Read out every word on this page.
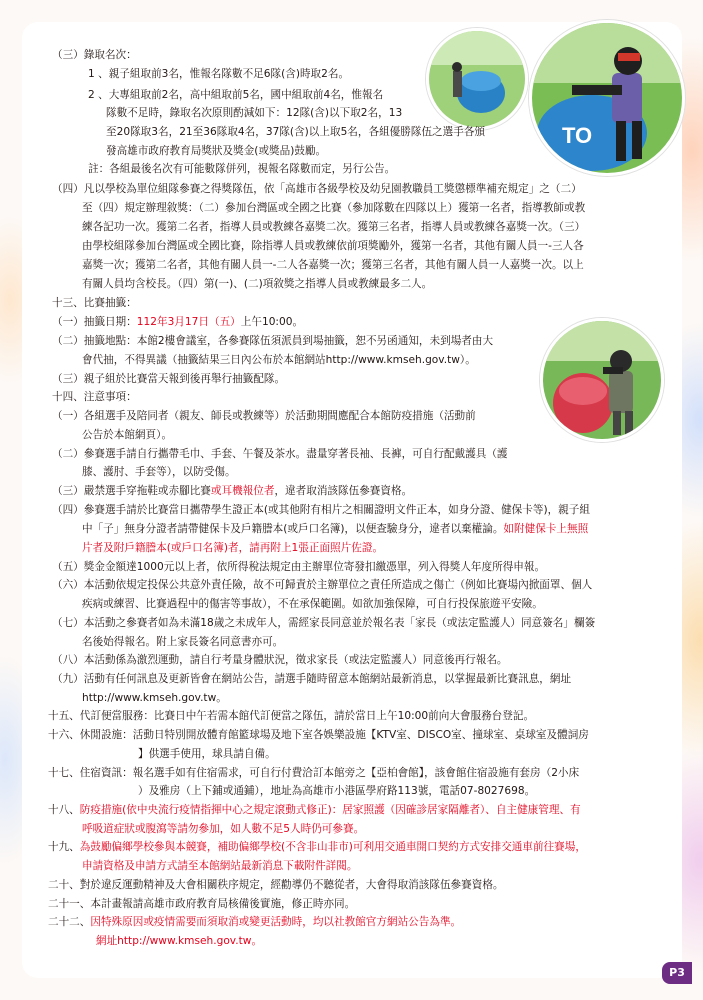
TO
（三）錄取名次：
1 、親子組取前3名，惟報名隊數不足6隊(含)時取2名。
2 、大專組取前2名，高中組取前5名，國中組取前4名，惟報名
隊數不足時，錄取名次原則酌減如下：12隊(含)以下取2名，13
至20隊取3名，21至36隊取4名，37隊(含)以上取5名，各組優勝隊伍之選手各頒
發高雄市政府教育局獎狀及獎金(或獎品)鼓勵。
註：各組最後名次有可能數隊併列，視報名隊數而定，另行公告。
（四）凡以學校為單位組隊參賽之得獎隊伍，依「高雄市各級學校及幼兒園教職員工獎懲標準補充規定」之（二）
至（四）規定辦理敘獎：（二）參加台灣區或全國之比賽（參加隊數在四隊以上）獲第一名者，指導教師或教
練各記功一次。獲第二名者，指導人員或教練各嘉獎二次。獲第三名者，指導人員或教練各嘉獎一次。（三）
由學校組隊參加台灣區或全國比賽，除指導人員或教練依前項獎勵外，獲第一名者，其他有關人員一-三人各
嘉獎一次；獲第二名者，其他有關人員一-二人各嘉獎一次；獲第三名者，其他有關人員一人嘉獎一次。以上
有關人員均含校長。（四）第(一)、(二)項敘獎之指導人員或教練最多二人。
十三、比賽抽籤：
（一）抽籤日期：112年3月17日（五）上午10:00。
（二）抽籤地點：本館2樓會議室，各參賽隊伍須派員到場抽籤，恕不另函通知，未到場者由大
會代抽，不得異議（抽籤結果三日內公布於本館網站http://www.kmseh.gov.tw）。
（三）親子組於比賽當天報到後再舉行抽籤配隊。
十四、注意事項：
（一）各組選手及陪同者（親友、師長或教練等）於活動期間應配合本館防疫措施（活動前
公告於本館網頁）。
（二）參賽選手請自行攜帶毛巾、手套、午餐及茶水。盡量穿著長袖、長褲，可自行配戴護具（護
膝、護肘、手套等），以防受傷。
（三）嚴禁選手穿拖鞋或赤腳比賽或耳機報位者，違者取消該隊伍參賽資格。
（四）參賽選手請於比賽當日攜帶學生證正本(或其他附有相片之相關證明文件正本，如身分證、健保卡等)，親子組
中「子」無身分證者請帶健保卡及戶籍謄本(或戶口名簿)，以便查驗身分，違者以棄權論。如附健保卡上無照
片者及附戶籍謄本(或戶口名簿)者，請再附上1張正面照片佐證。
（五）獎金金額達1000元以上者，依所得稅法規定由主辦單位寄發扣繳憑單，列入得獎人年度所得申報。
（六）本活動依規定投保公共意外責任險，故不可歸責於主辦單位之責任所造成之傷亡（例如比賽場內掀面罩、個人
疾病或練習、比賽過程中的傷害等事故），不在承保範圍。如欲加強保障，可自行投保旅遊平安險。
（七）本活動之參賽者如為未滿18歲之未成年人，需經家長同意並於報名表「家長（或法定監護人）同意簽名」欄簽
名後始得報名。附上家長簽名同意書亦可。
（八）本活動係為激烈運動，請自行考量身體狀況，徵求家長（或法定監護人）同意後再行報名。
（九）活動有任何訊息及更新皆會在網站公告，請選手隨時留意本館網站最新消息，以掌握最新比賽訊息，網址
http://www.kmseh.gov.tw。
十五、代訂便當服務：比賽日中午若需本館代訂便當之隊伍，請於當日上午10:00前向大會服務台登記。
十六、休閒設施：活動日特別開放體育館籃球場及地下室各娛樂設施【KTV室、DISCO室、撞球室、桌球室及體詞房
】供選手使用，球具請自備。
十七、住宿資訊：報名選手如有住宿需求，可自行付費洽訂本館旁之【亞柏會館】，該會館住宿設施有套房（2小床
）及雅房（上下鋪或通鋪），地址為高雄市小港區學府路113號，電話07-8027698。
十八、防疫措施(依中央流行疫情指揮中心之規定滾動式修正)：居家照護（因確診居家隔離者）、自主健康管理、有
呼吸道症狀或腹瀉等請勿參加，如人數不足5人時仍可參賽。
十九、為鼓勵偏鄉學校參與本競賽，補助偏鄉學校(不含非山非市)可利用交通車開口契約方式安排交通車前往賽場，
申請資格及申請方式請至本館網站最新消息下載附件詳閱。
二十、對於違反運動精神及大會相關秩序規定，經勸導仍不聽從者，大會得取消該隊伍參賽資格。
二十一、本計畫報請高雄市政府教育局核備後實施，修正時亦同。
二十二、因特殊原因或疫情需要而須取消或變更活動時，均以社教館官方網站公告為準。
網址http://www.kmseh.gov.tw。
P3
